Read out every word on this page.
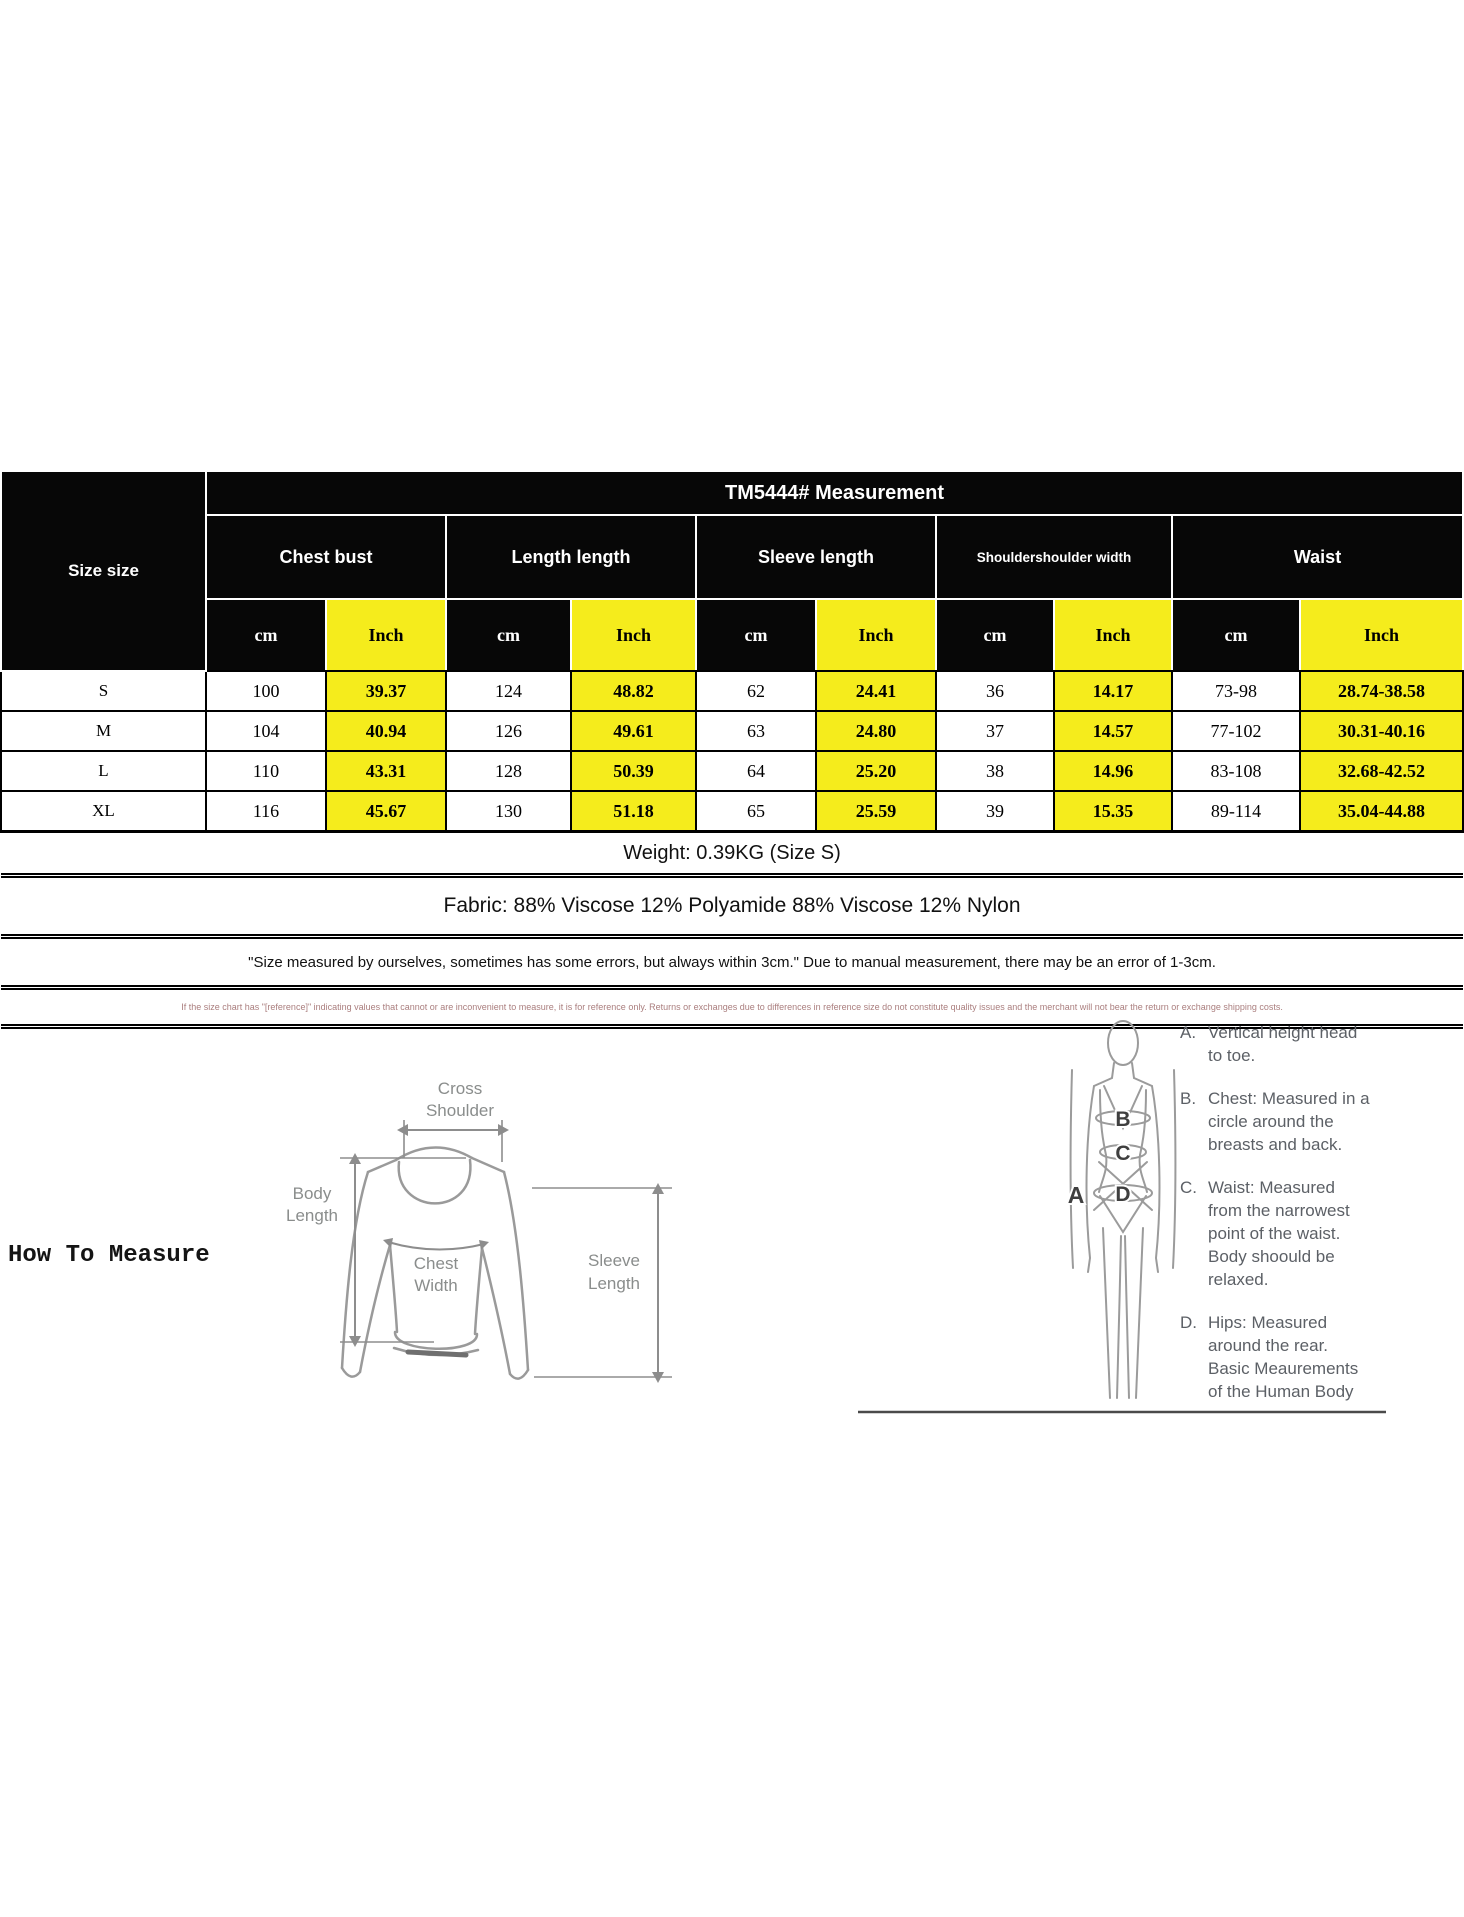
Size size	TM5444# Measurement									
	Chest bust		Length length		Sleeve length		Shouldershoulder width		Waist	
	cm	Inch	cm	Inch	cm	Inch	cm	Inch	cm	Inch
S	100	39.37	124	48.82	62	24.41	36	14.17	73-98	28.74-38.58
M	104	40.94	126	49.61	63	24.80	37	14.57	77-102	30.31-40.16
L	110	43.31	128	50.39	64	25.20	38	14.96	83-108	32.68-42.52
XL	116	45.67	130	51.18	65	25.59	39	15.35	89-114	35.04-44.88
Weight: 0.39KG (Size S)										
Fabric: 88% Viscose 12% Polyamide 88% Viscose 12% Nylon										
"Size measured by ourselves, sometimes has some errors, but always within 3cm." Due to manual measurement, there may be an error of 1-3cm.										
If the size chart has "[reference]" indicating values that cannot or are inconvenient to measure, it is for reference only. Returns or exchanges due to differences in reference size do not constitute quality issues and the merchant will not bear the return or exchange shipping costs.										
How To Measure
Cross
Shoulder
Body
Length
Chest
Width
Sleeve
Length
A
B
C
D
A. Vertical height head
to toe.
B. Chest: Measured in a
circle around the
breasts and back.
C. Waist: Measured
from the narrowest
point of the waist.
Body shoould be
relaxed.
D. Hips: Measured
around the rear.
Basic Meaurements
of the Human Body
